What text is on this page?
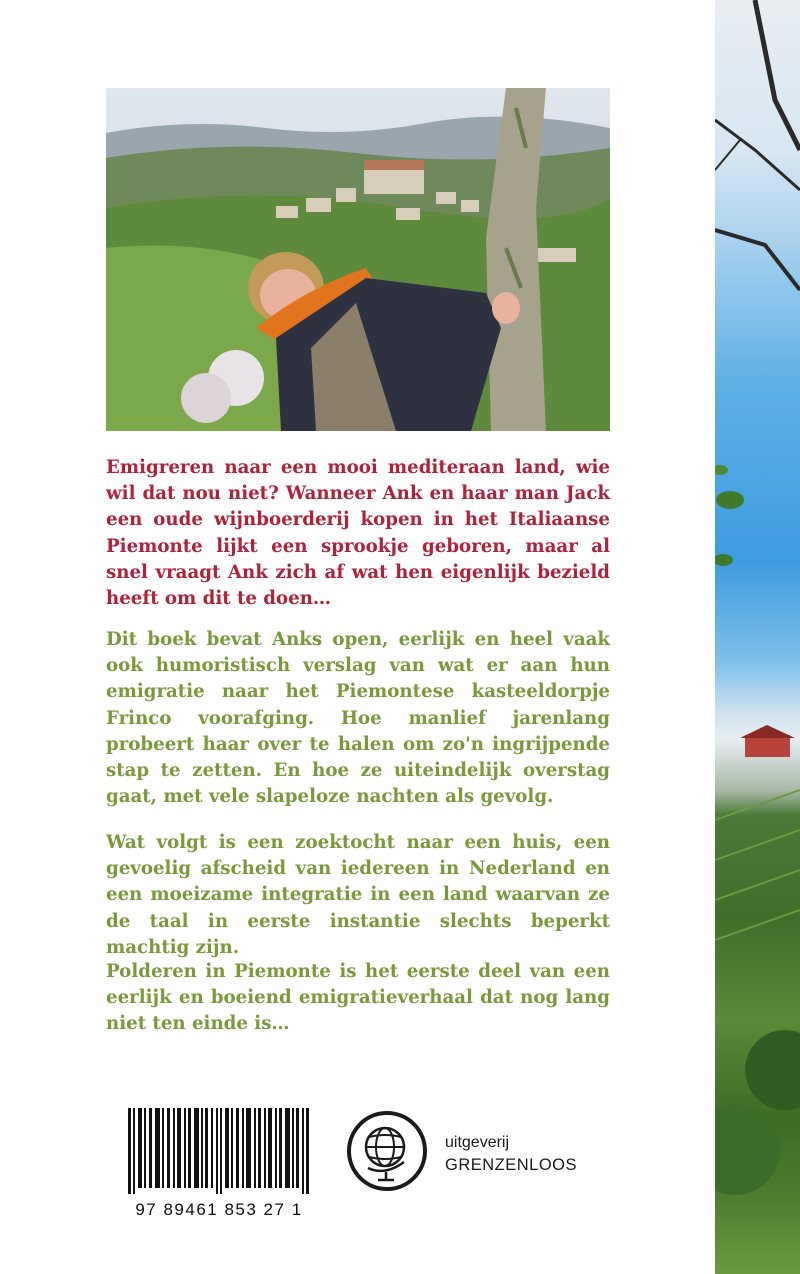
Emigreren naar een mooi mediteraan land, wie wil dat nou niet? Wanneer Ank en haar man Jack een oude wijnboerderij kopen in het Italiaanse Piemonte lijkt een sprookje geboren, maar al snel vraagt Ank zich af wat hen eigenlijk bezield heeft om dit te doen…

Dit boek bevat Anks open, eerlijk en heel vaak ook humoristisch verslag van wat er aan hun emigratie naar het Piemontese kasteeldorpje Frinco voorafging. Hoe manlief jarenlang probeert haar over te halen om zo'n ingrijpende stap te zetten. En hoe ze uiteindelijk overstag gaat, met vele slapeloze nachten als gevolg.

Wat volgt is een zoektocht naar een huis, een gevoelig afscheid van iedereen in Nederland en een moeizame integratie in een land waarvan ze de taal in eerste instantie slechts beperkt machtig zijn.

Polderen in Piemonte is het eerste deel van een eerlijk en boeiend emigratieverhaal dat nog lang niet ten einde is…

97 89461 853 27 1
uitgeverij
GRENZENLOOS
